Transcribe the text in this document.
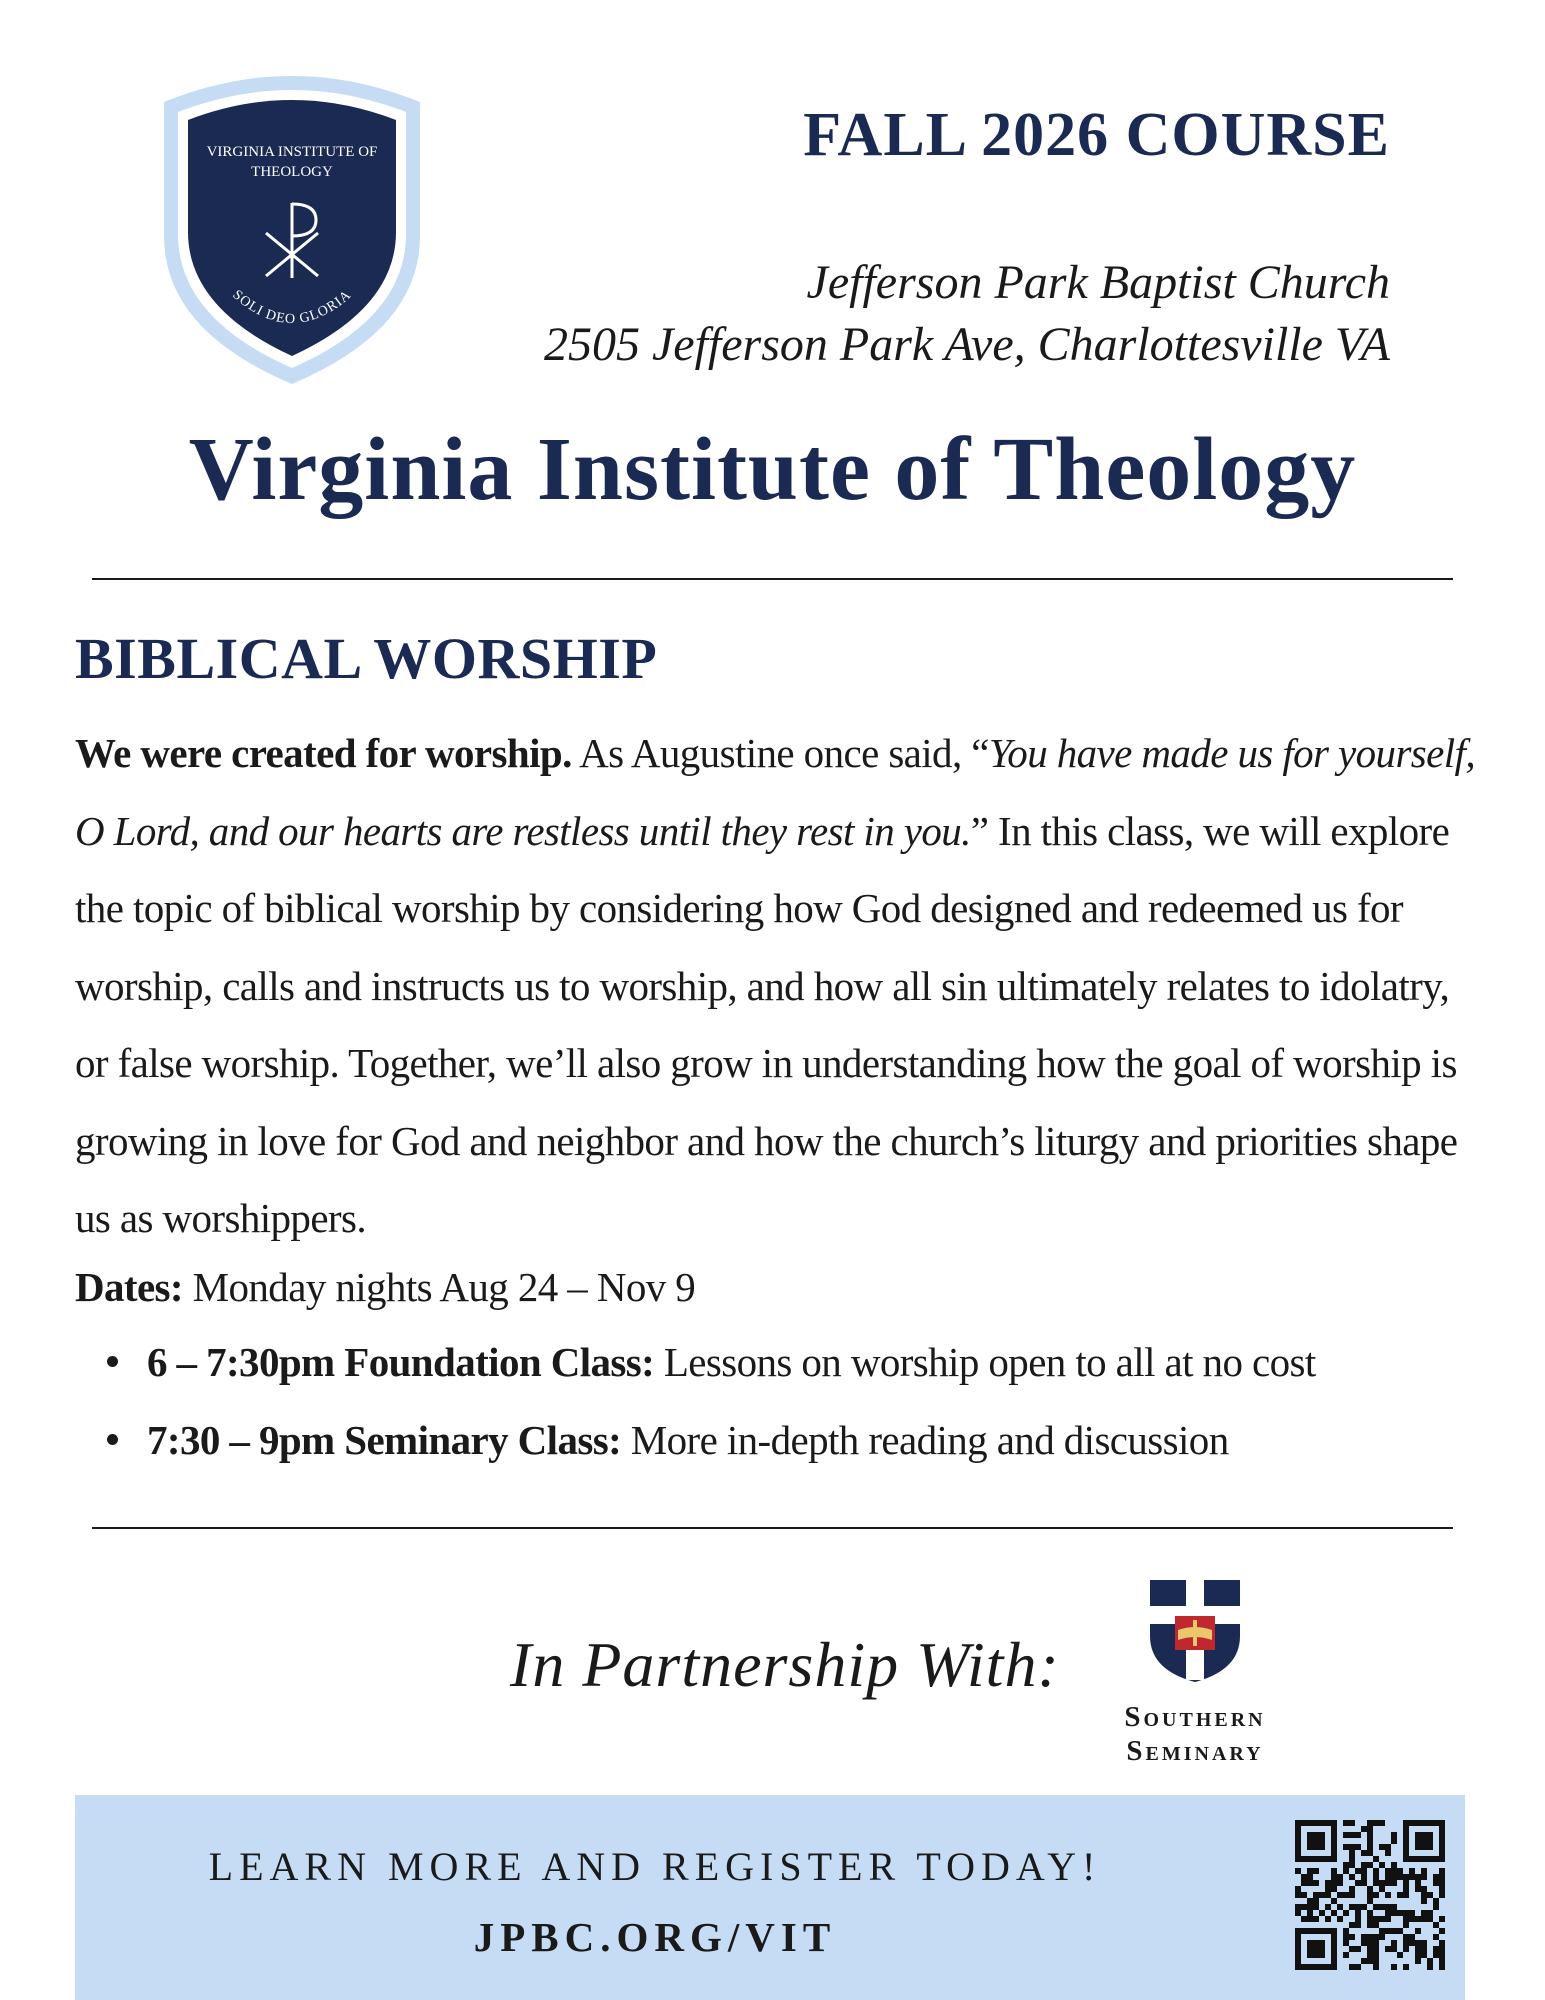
VIRGINIA INSTITUTE OF
THEOLOGY
SOLI DEO GLORIA
FALL 2026 COURSE
Jefferson Park Baptist Church
2505 Jefferson Park Ave, Charlottesville VA
Virginia Institute of Theology
BIBLICAL WORSHIP
We were created for worship. As Augustine once said, “You have made us for yourself, O Lord, and our hearts are restless until they rest in you.” In this class, we will explore the topic of biblical worship by considering how God designed and redeemed us for worship, calls and instructs us to worship, and how all sin ultimately relates to idolatry, or false worship. Together, we’ll also grow in understanding how the goal of worship is growing in love for God and neighbor and how the church’s liturgy and priorities shape us as worshippers.
Dates: Monday nights Aug 24 – Nov 9
6 – 7:30pm Foundation Class: Lessons on worship open to all at no cost
7:30 – 9pm Seminary Class: More in-depth reading and discussion
In Partnership With:
Southern
Seminary
LEARN MORE AND REGISTER TODAY!
JPBC.ORG/VIT
